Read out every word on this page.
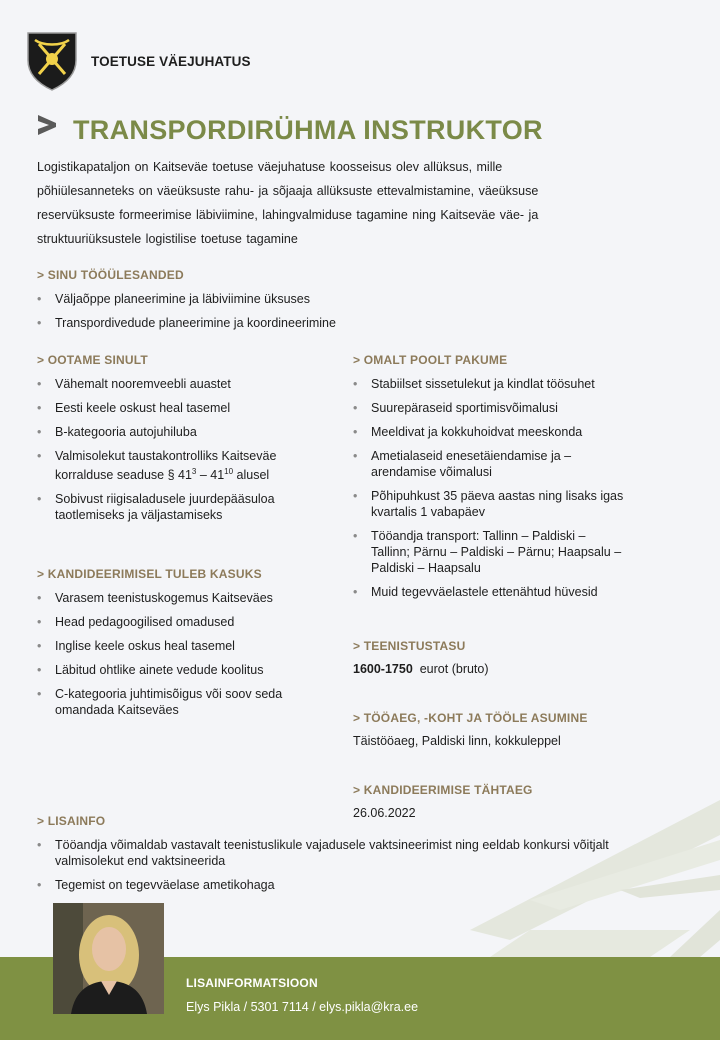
TOETUSE VÄEJUHATUS
TRANSPORDIRÜHMA INSTRUKTOR
Logistikapataljon on Kaitseväe toetuse väejuhatuse koosseisus olev allüksus, mille põhiülesanneteks on väeüksuste rahu- ja sõjaaja allüksuste ettevalmistamine, väeüksuse reservüksuste formeerimise läbiviimine, lahingvalmiduse tagamine ning Kaitseväe väe- ja struktuuriüksustele logistilise toetuse tagamine
> SINU TÖÖÜLESANDED
• Väljaõppe planeerimine ja läbiviimine üksuses
• Transpordivedude planeerimine ja koordineerimine
> OOTAME SINULT
• Vähemalt nooremveebli auastet
• Eesti keele oskust heal tasemel
• B-kategooria autojuhiluba
• Valmisolekut taustakontrolliks Kaitseväe korralduse seaduse § $41^3 - 41^{10}$ alusel
• Sobivust riigisaladusele juurdepääsuloa taotlemiseks ja väljastamiseks
> KANDIDEERIMISEL TULEB KASUKS
• Varasem teenistuskogemus Kaitseväes
• Head pedagoogilised omadused
• Inglise keele oskus heal tasemel
• Läbitud ohtlike ainete vedude koolitus
• C-kategooria juhtimisõigus või soov seda omandada Kaitseväes
> OMALT POOLT PAKUME
• Stabiilset sissetulekut ja kindlat töösuhet
• Suurepäraseid sportimisvõimalusi
• Meeldivat ja kokkuhoidvat meeskonda
• Ametialaseid enesetäiendamise ja – arendamise võimalusi
• Põhipuhkust 35 päeva aastas ning lisaks igas kvartalis 1 vabapäev
• Tööandja transport: Tallinn – Paldiski – Tallinn; Pärnu – Paldiski – Pärnu; Haapsalu – Paldiski – Haapsalu
• Muid tegevväelastele ettenähtud hüvesid
> TEENISTUSTASU
1600-1750 eurot (bruto)
> TÖÖAEG, -KOHT JA TÖÖLE ASUMINE
Täistööaeg, Paldiski linn, kokkuleppel
> KANDIDEERIMISE TÄHTAEG
26.06.2022
> LISAINFO
• Tööandja võimaldab vastavalt teenistuslikule vajadusele vaktsineerimist ning eeldab konkursi võitjalt valmisolekut end vaktsineerida
• Tegemist on tegevväelase ametikohaga
LISAINFORMATSIOON
Elys Pikla / 5301 7114 / elys.pikla@kra.ee
